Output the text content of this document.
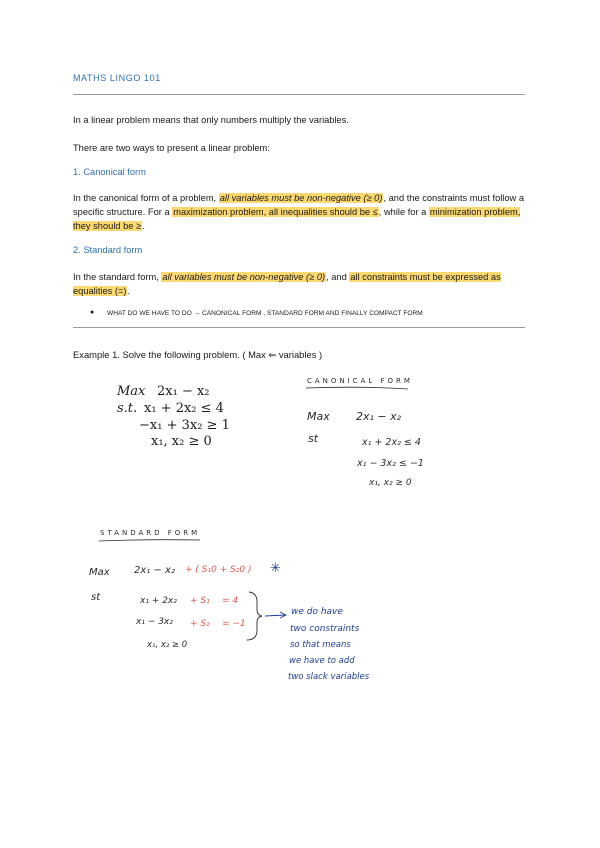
MATHS LINGO 101
In a linear problem means that only numbers multiply the variables.
There are two ways to present a linear problem:
1. Canonical form
In the canonical form of a problem, all variables must be non-negative (≥ 0), and the constraints must follow a specific structure. For a maximization problem, all inequalities should be ≤, while for a minimization problem, they should be ≥.
2. Standard form
In the standard form, all variables must be non-negative (≥ 0), and all constraints must be expressed as equalities (=).
● WHAT DO WE HAVE TO DO → CANONICAL FORM , STANDARD FORM AND FINALLY COMPACT FORM
Example 1. Solve the following problem. ( Max ⇐ variables )
Max 2x₁ − x₂
s.t. x₁ + 2x₂ ≤ 4
−x₁ + 3x₂ ≥ 1
x₁, x₂ ≥ 0
CANONICAL FORM
Max 2x₁ − x₂
st	x₁ + 2x₂ ≤ 4
x₁ − 3x₂ ≤ −1
x₁, x₂ ≥ 0
STANDARD FORM
Max 2x₁ − x₂ + ( S₁0 + S₂0 ) ✳
st	x₁ + 2x₂ + S₁ = 4
x₁ − 3x₂ + S₂ = −1
x₁, x₂ ≥ 0
we do have
two constraints
so that means
we have to add
two slack variables
